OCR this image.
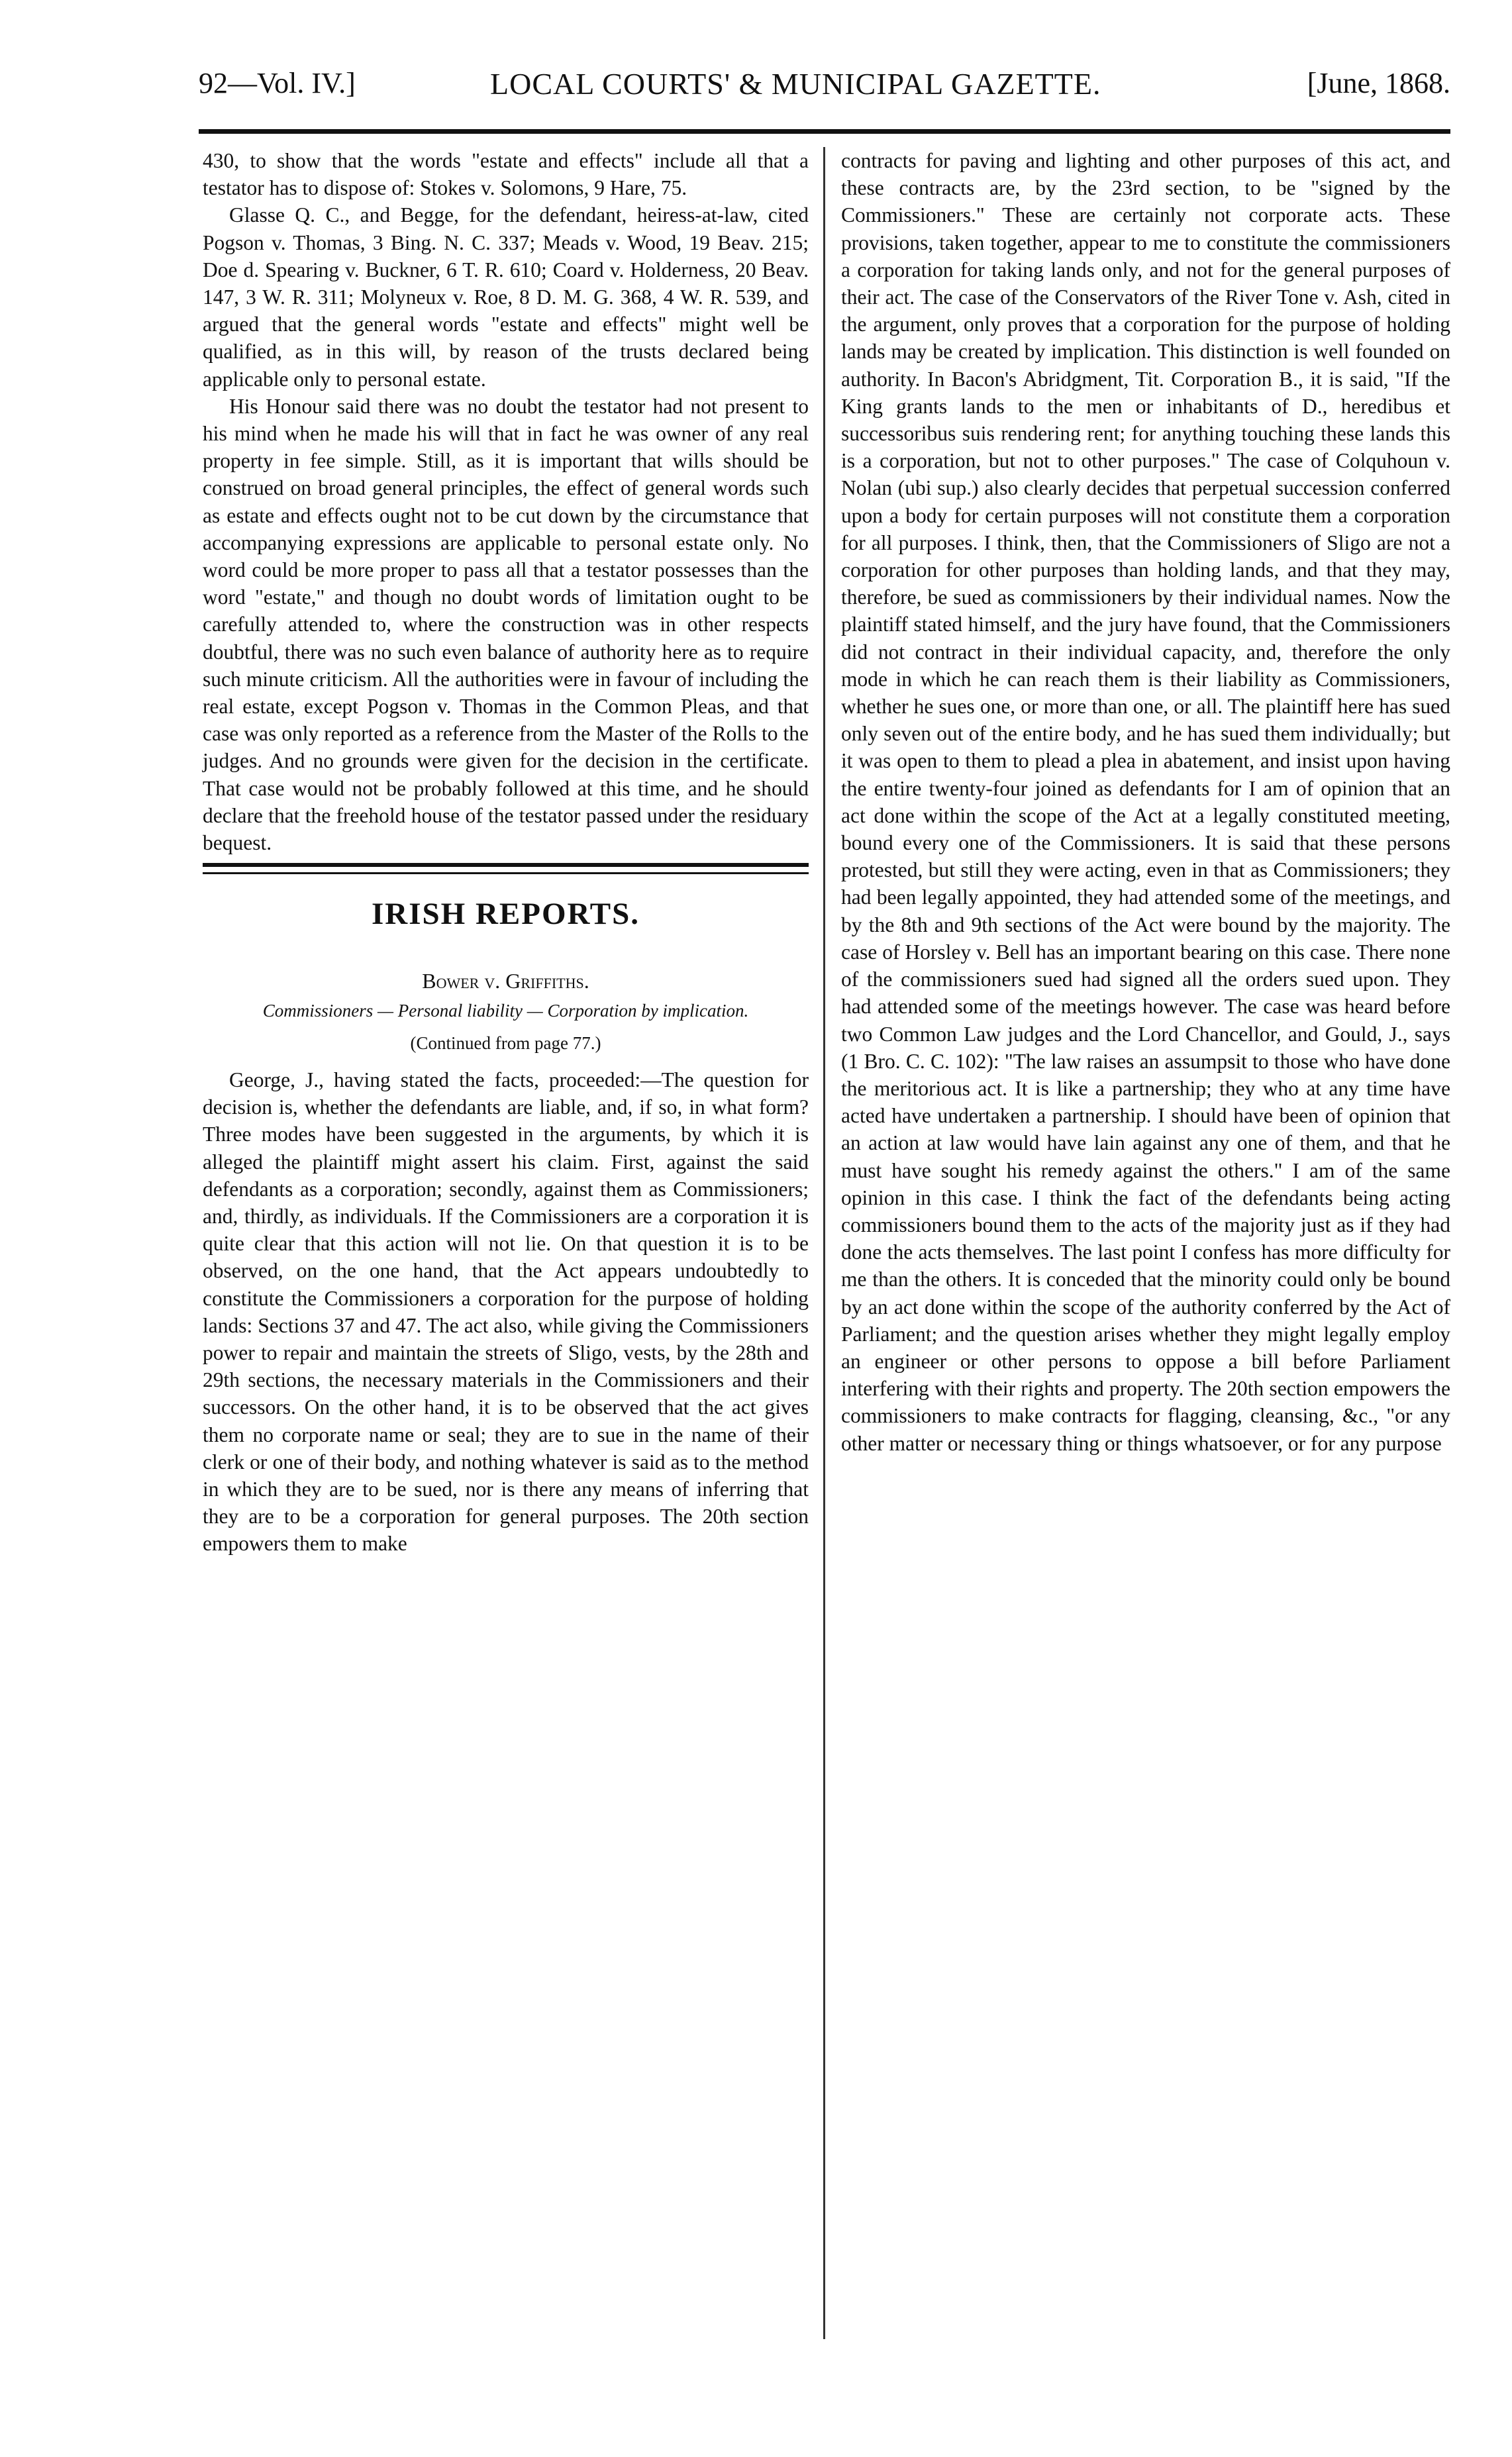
92—Vol. IV.]	LOCAL COURTS' & MUNICIPAL GAZETTE.	[June, 1868.

430, to show that the words "estate and effects" include all that a testator has to dispose of: Stokes v. Solomons, 9 Hare, 75.

Glasse Q. C., and Begge, for the defendant, heiress-at-law, cited Pogson v. Thomas, 3 Bing. N. C. 337; Meads v. Wood, 19 Beav. 215; Doe d. Spearing v. Buckner, 6 T. R. 610; Coard v. Holderness, 20 Beav. 147, 3 W. R. 311; Molyneux v. Roe, 8 D. M. G. 368, 4 W. R. 539, and argued that the general words "estate and effects" might well be qualified, as in this will, by reason of the trusts declared being applicable only to personal estate.

His Honour said there was no doubt the testator had not present to his mind when he made his will that in fact he was owner of any real property in fee simple. Still, as it is important that wills should be construed on broad general principles, the effect of general words such as estate and effects ought not to be cut down by the circumstance that accompanying expressions are applicable to personal estate only. No word could be more proper to pass all that a testator possesses than the word "estate," and though no doubt words of limitation ought to be carefully attended to, where the construction was in other respects doubtful, there was no such even balance of authority here as to require such minute criticism. All the authorities were in favour of including the real estate, except Pogson v. Thomas in the Common Pleas, and that case was only reported as a reference from the Master of the Rolls to the judges. And no grounds were given for the decision in the certificate. That case would not be probably followed at this time, and he should declare that the freehold house of the testator passed under the residuary bequest.

IRISH REPORTS.
Bower v. Griffiths.
Commissioners — Personal liability — Corporation by implication.
(Continued from page 77.)

George, J., having stated the facts, proceeded:—The question for decision is, whether the defendants are liable, and, if so, in what form? Three modes have been suggested in the arguments, by which it is alleged the plaintiff might assert his claim. First, against the said defendants as a corporation; secondly, against them as Commissioners; and, thirdly, as individuals. If the Commissioners are a corporation it is quite clear that this action will not lie. On that question it is to be observed, on the one hand, that the Act appears undoubtedly to constitute the Commissioners a corporation for the purpose of holding lands: Sections 37 and 47. The act also, while giving the Commissioners power to repair and maintain the streets of Sligo, vests, by the 28th and 29th sections, the necessary materials in the Commissioners and their successors. On the other hand, it is to be observed that the act gives them no corporate name or seal; they are to sue in the name of their clerk or one of their body, and nothing whatever is said as to the method in which they are to be sued, nor is there any means of inferring that they are to be a corporation for general purposes. The 20th section empowers them to make

contracts for paving and lighting and other purposes of this act, and these contracts are, by the 23rd section, to be "signed by the Commissioners." These are certainly not corporate acts. These provisions, taken together, appear to me to constitute the commissioners a corporation for taking lands only, and not for the general purposes of their act. The case of the Conservators of the River Tone v. Ash, cited in the argument, only proves that a corporation for the purpose of holding lands may be created by implication. This distinction is well founded on authority. In Bacon's Abridgment, Tit. Corporation B., it is said, "If the King grants lands to the men or inhabitants of D., heredibus et successoribus suis rendering rent; for anything touching these lands this is a corporation, but not to other purposes." The case of Colquhoun v. Nolan (ubi sup.) also clearly decides that perpetual succession conferred upon a body for certain purposes will not constitute them a corporation for all purposes. I think, then, that the Commissioners of Sligo are not a corporation for other purposes than holding lands, and that they may, therefore, be sued as commissioners by their individual names. Now the plaintiff stated himself, and the jury have found, that the Commissioners did not contract in their individual capacity, and, therefore the only mode in which he can reach them is their liability as Commissioners, whether he sues one, or more than one, or all. The plaintiff here has sued only seven out of the entire body, and he has sued them individually; but it was open to them to plead a plea in abatement, and insist upon having the entire twenty-four joined as defendants for I am of opinion that an act done within the scope of the Act at a legally constituted meeting, bound every one of the Commissioners. It is said that these persons protested, but still they were acting, even in that as Commissioners; they had been legally appointed, they had attended some of the meetings, and by the 8th and 9th sections of the Act were bound by the majority. The case of Horsley v. Bell has an important bearing on this case. There none of the commissioners sued had signed all the orders sued upon. They had attended some of the meetings however. The case was heard before two Common Law judges and the Lord Chancellor, and Gould, J., says (1 Bro. C. C. 102): "The law raises an assumpsit to those who have done the meritorious act. It is like a partnership; they who at any time have acted have undertaken a partnership. I should have been of opinion that an action at law would have lain against any one of them, and that he must have sought his remedy against the others." I am of the same opinion in this case. I think the fact of the defendants being acting commissioners bound them to the acts of the majority just as if they had done the acts themselves. The last point I confess has more difficulty for me than the others. It is conceded that the minority could only be bound by an act done within the scope of the authority conferred by the Act of Parliament; and the question arises whether they might legally employ an engineer or other persons to oppose a bill before Parliament interfering with their rights and property. The 20th section empowers the commissioners to make contracts for flagging, cleansing, &c., "or any other matter or necessary thing or things whatsoever, or for any purpose
